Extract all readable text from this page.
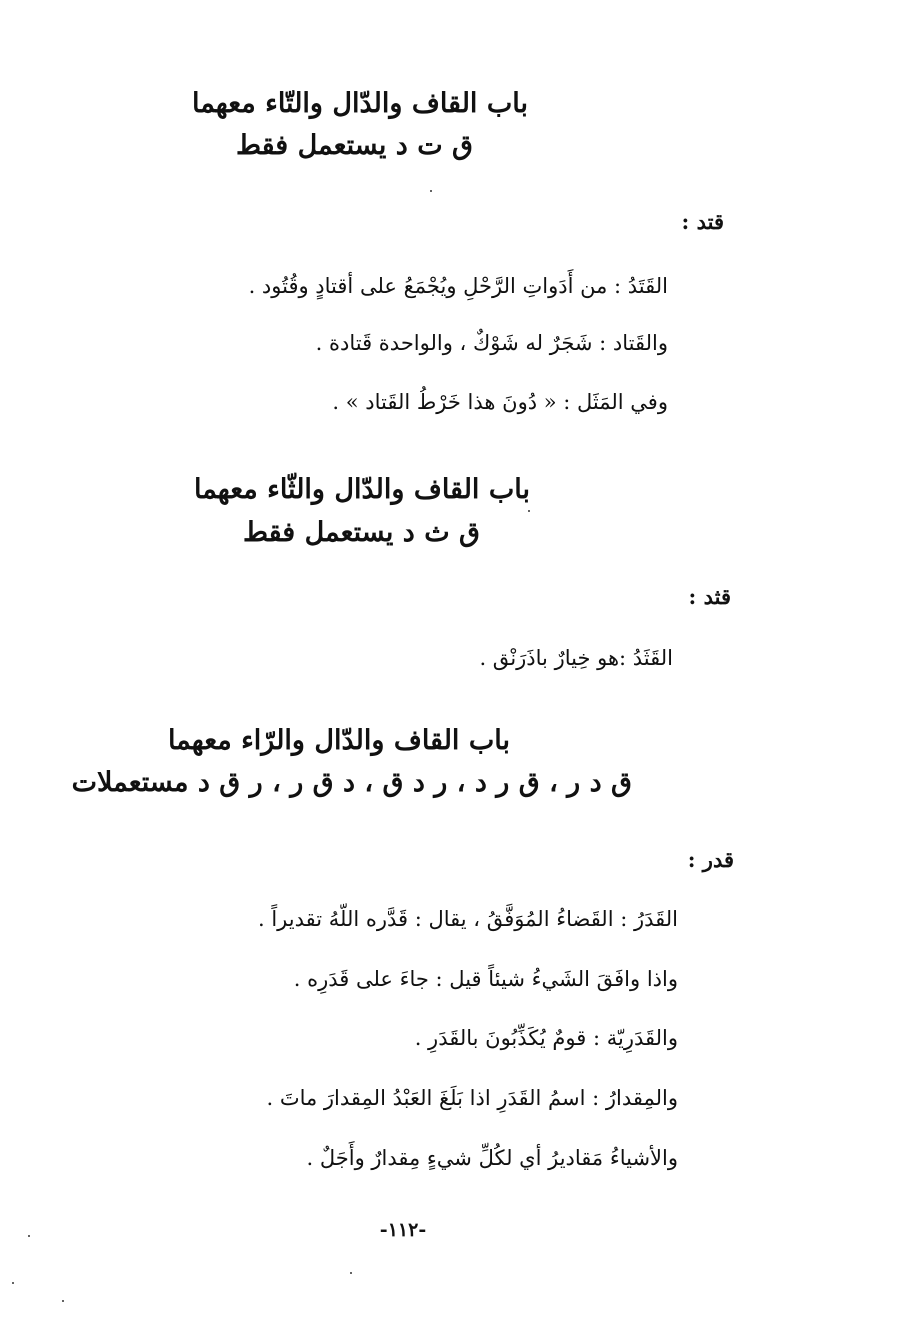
باب القاف والدّال والتّاء معهما
ق ت د يستعمل فقط
قتد :
القَتَدُ : من أَدَواتِ الرَّحْلِ ويُجْمَعُ على أقتادٍ وقُتُود .
والقَتاد : شَجَرٌ له شَوْكٌ ، والواحدة قَتادة .
وفي المَثَل : « دُونَ هذا خَرْطُ القَتاد » .
باب القاف والدّال والثّاء معهما
ق ث د يستعمل فقط
قثد :
القَثَدُ :هو خِيارٌ باذَرَنْق .
باب القاف والدّال والرّاء معهما
ق د ر ، ق ر د ، ر د ق ، د ق ر ، ر ق د مستعملات
قدر :
القَدَرُ : القَضاءُ المُوَفَّقُ ، يقال : قَدَّره اللّهُ تقديراً .
واذا وافَقَ الشَيءُ شيئاً قيل : جاءَ على قَدَرِه .
والقَدَرِيّة : قومٌ يُكَذِّبُونَ بالقَدَرِ .
والمِقدارُ : اسمُ القَدَرِ اذا بَلَغَ العَبْدُ المِقدارَ ماتَ .
والأشياءُ مَقاديرُ أي لكُلِّ شيءٍ مِقدارٌ وأَجَلٌ .
-١١٢-
